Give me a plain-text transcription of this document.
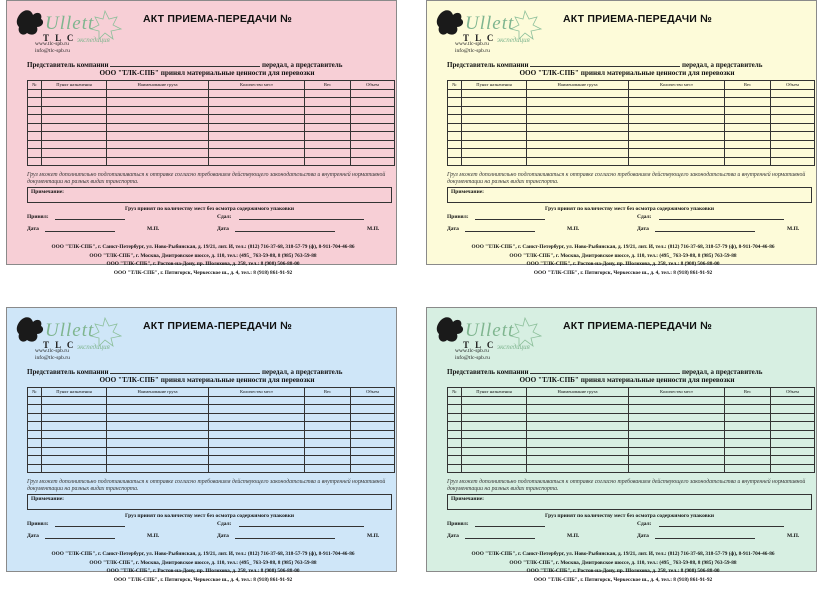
Ullett
T L C экспедиция
www.tlc-spb.ru
info@tlc-spb.ru
АКТ ПРИЕМА-ПЕРЕДАЧИ №
Представитель компании	передал, а представитель
ООО "ТЛК-СПБ" принял материальные ценности для перевозки
№	Пункт назначения	Наименование груза	Количество мест	Вес	Объем

Груз может дополнительно подготавливаться к отправке согласно требованиям действующего законодательства и внутренней нормативной документации на разных видах транспорта.
Примечание:
Груз принят по количеству мест без осмотра содержимого упаковки
Принял:	Сдал:
Дата	М.П.	Дата	М.П.
ООО "ТЛК-СПБ", г. Санкт-Петербург, ул. Ново-Рыбинская, д. 19/21, лит. И, тел.: (812) 716-37-68, 318-57-79 (ф), 8-911-704-46-86
ООО "ТЛК-СПБ", г. Москва, Дмитровское шоссе, д. 110, тел.: (495_ 763-59-88, 8 (985) 763-59-88
ООО "ТЛК-СПБ", г. Ростов-на-Дону, пр. Шолохова, д. 258, тел.: 8 (908) 506-88-00
ООО "ТЛК-СПБ", г. Пятигорск, Черкесское ш., д. 4, тел.: 8 (918) 861-91-92
Ullett
T L C экспедиция
www.tlc-spb.ru
info@tlc-spb.ru
АКТ ПРИЕМА-ПЕРЕДАЧИ №
Представитель компании	передал, а представитель
ООО "ТЛК-СПБ" принял материальные ценности для перевозки
№	Пункт назначения	Наименование груза	Количество мест	Вес	Объем

Груз может дополнительно подготавливаться к отправке согласно требованиям действующего законодательства и внутренней нормативной документации на разных видах транспорта.
Примечание:
Груз принят по количеству мест без осмотра содержимого упаковки
Принял:	Сдал:
Дата	М.П.	Дата	М.П.
ООО "ТЛК-СПБ", г. Санкт-Петербург, ул. Ново-Рыбинская, д. 19/21, лит. И, тел.: (812) 716-37-68, 318-57-79 (ф), 8-911-704-46-86
ООО "ТЛК-СПБ", г. Москва, Дмитровское шоссе, д. 110, тел.: (495_ 763-59-88, 8 (985) 763-59-88
ООО "ТЛК-СПБ", г. Ростов-на-Дону, пр. Шолохова, д. 258, тел.: 8 (908) 506-88-00
ООО "ТЛК-СПБ", г. Пятигорск, Черкесское ш., д. 4, тел.: 8 (918) 861-91-92
Ullett
T L C экспедиция
www.tlc-spb.ru
info@tlc-spb.ru
АКТ ПРИЕМА-ПЕРЕДАЧИ №
Представитель компании	передал, а представитель
ООО "ТЛК-СПБ" принял материальные ценности для перевозки
№	Пункт назначения	Наименование груза	Количество мест	Вес	Объем

Груз может дополнительно подготавливаться к отправке согласно требованиям действующего законодательства и внутренней нормативной документации на разных видах транспорта.
Примечание:
Груз принят по количеству мест без осмотра содержимого упаковки
Принял:	Сдал:
Дата	М.П.	Дата	М.П.
ООО "ТЛК-СПБ", г. Санкт-Петербург, ул. Ново-Рыбинская, д. 19/21, лит. И, тел.: (812) 716-37-68, 318-57-79 (ф), 8-911-704-46-86
ООО "ТЛК-СПБ", г. Москва, Дмитровское шоссе, д. 110, тел.: (495_ 763-59-88, 8 (985) 763-59-88
ООО "ТЛК-СПБ", г. Ростов-на-Дону, пр. Шолохова, д. 258, тел.: 8 (908) 506-88-00
ООО "ТЛК-СПБ", г. Пятигорск, Черкесское ш., д. 4, тел.: 8 (918) 861-91-92
Ullett
T L C экспедиция
www.tlc-spb.ru
info@tlc-spb.ru
АКТ ПРИЕМА-ПЕРЕДАЧИ №
Представитель компании	передал, а представитель
ООО "ТЛК-СПБ" принял материальные ценности для перевозки
№	Пункт назначения	Наименование груза	Количество мест	Вес	Объем

Груз может дополнительно подготавливаться к отправке согласно требованиям действующего законодательства и внутренней нормативной документации на разных видах транспорта.
Примечание:
Груз принят по количеству мест без осмотра содержимого упаковки
Принял:	Сдал:
Дата	М.П.	Дата	М.П.
ООО "ТЛК-СПБ", г. Санкт-Петербург, ул. Ново-Рыбинская, д. 19/21, лит. И, тел.: (812) 716-37-68, 318-57-79 (ф), 8-911-704-46-86
ООО "ТЛК-СПБ", г. Москва, Дмитровское шоссе, д. 110, тел.: (495_ 763-59-88, 8 (985) 763-59-88
ООО "ТЛК-СПБ", г. Ростов-на-Дону, пр. Шолохова, д. 258, тел.: 8 (908) 506-88-00
ООО "ТЛК-СПБ", г. Пятигорск, Черкесское ш., д. 4, тел.: 8 (918) 861-91-92
